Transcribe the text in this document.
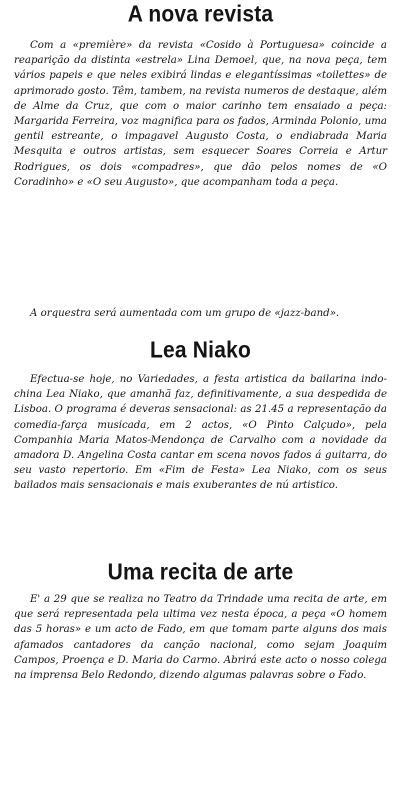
A nova revista

Com a «première» da revista «Cosido à Portuguesa» coincide a reaparição da distinta «estrela» Lina Demoel, que, na nova peça, tem vários papeis e que neles exibirá lindas e elegantíssimas «toilettes» de aprimorado gosto. Têm, tambem, na revista numeros de destaque, além de Alme da Cruz, que com o maior carinho tem ensaiado a peça: Margarida Ferreira, voz magnifica para os fados, Arminda Polonio, uma gentil estreante, o impagavel Augusto Costa, o endiabrada Maria Mesquita e outros artistas, sem esquecer Soares Correia e Artur Rodrigues, os dois «compadres», que dão pelos nomes de «O Coradinho» e «O seu Augusto», que acompanham toda a peça.

A orquestra será aumentada com um grupo de «jazz-band».

Lea Niako

Efectua-se hoje, no Variedades, a festa artistica da bailarina indo-china Lea Niako, que amanhã faz, definitivamente, a sua despedida de Lisboa. O programa é deveras sensacional: as 21.45 a representação da comedia-farça musicada, em 2 actos, «O Pinto Calçudo», pela Companhia Maria Matos-Mendonça de Carvalho com a novidade da amadora D. Angelina Costa cantar em scena novos fados á guitarra, do seu vasto repertorio. Em «Fim de Festa» Lea Niako, com os seus bailados mais sensacionais e mais exuberantes de nú artistico.

Uma recita de arte

E' a 29 que se realiza no Teatro da Trindade uma recita de arte, em que será representada pela ultima vez nesta época, a peça «O homem das 5 horas» e um acto de Fado, em que tomam parte alguns dos mais afamados cantadores da canção nacional, como sejam Joaquim Campos, Proença e D. Maria do Carmo. Abrirá este acto o nosso colega na imprensa Belo Redondo, dizendo algumas palavras sobre o Fado.
